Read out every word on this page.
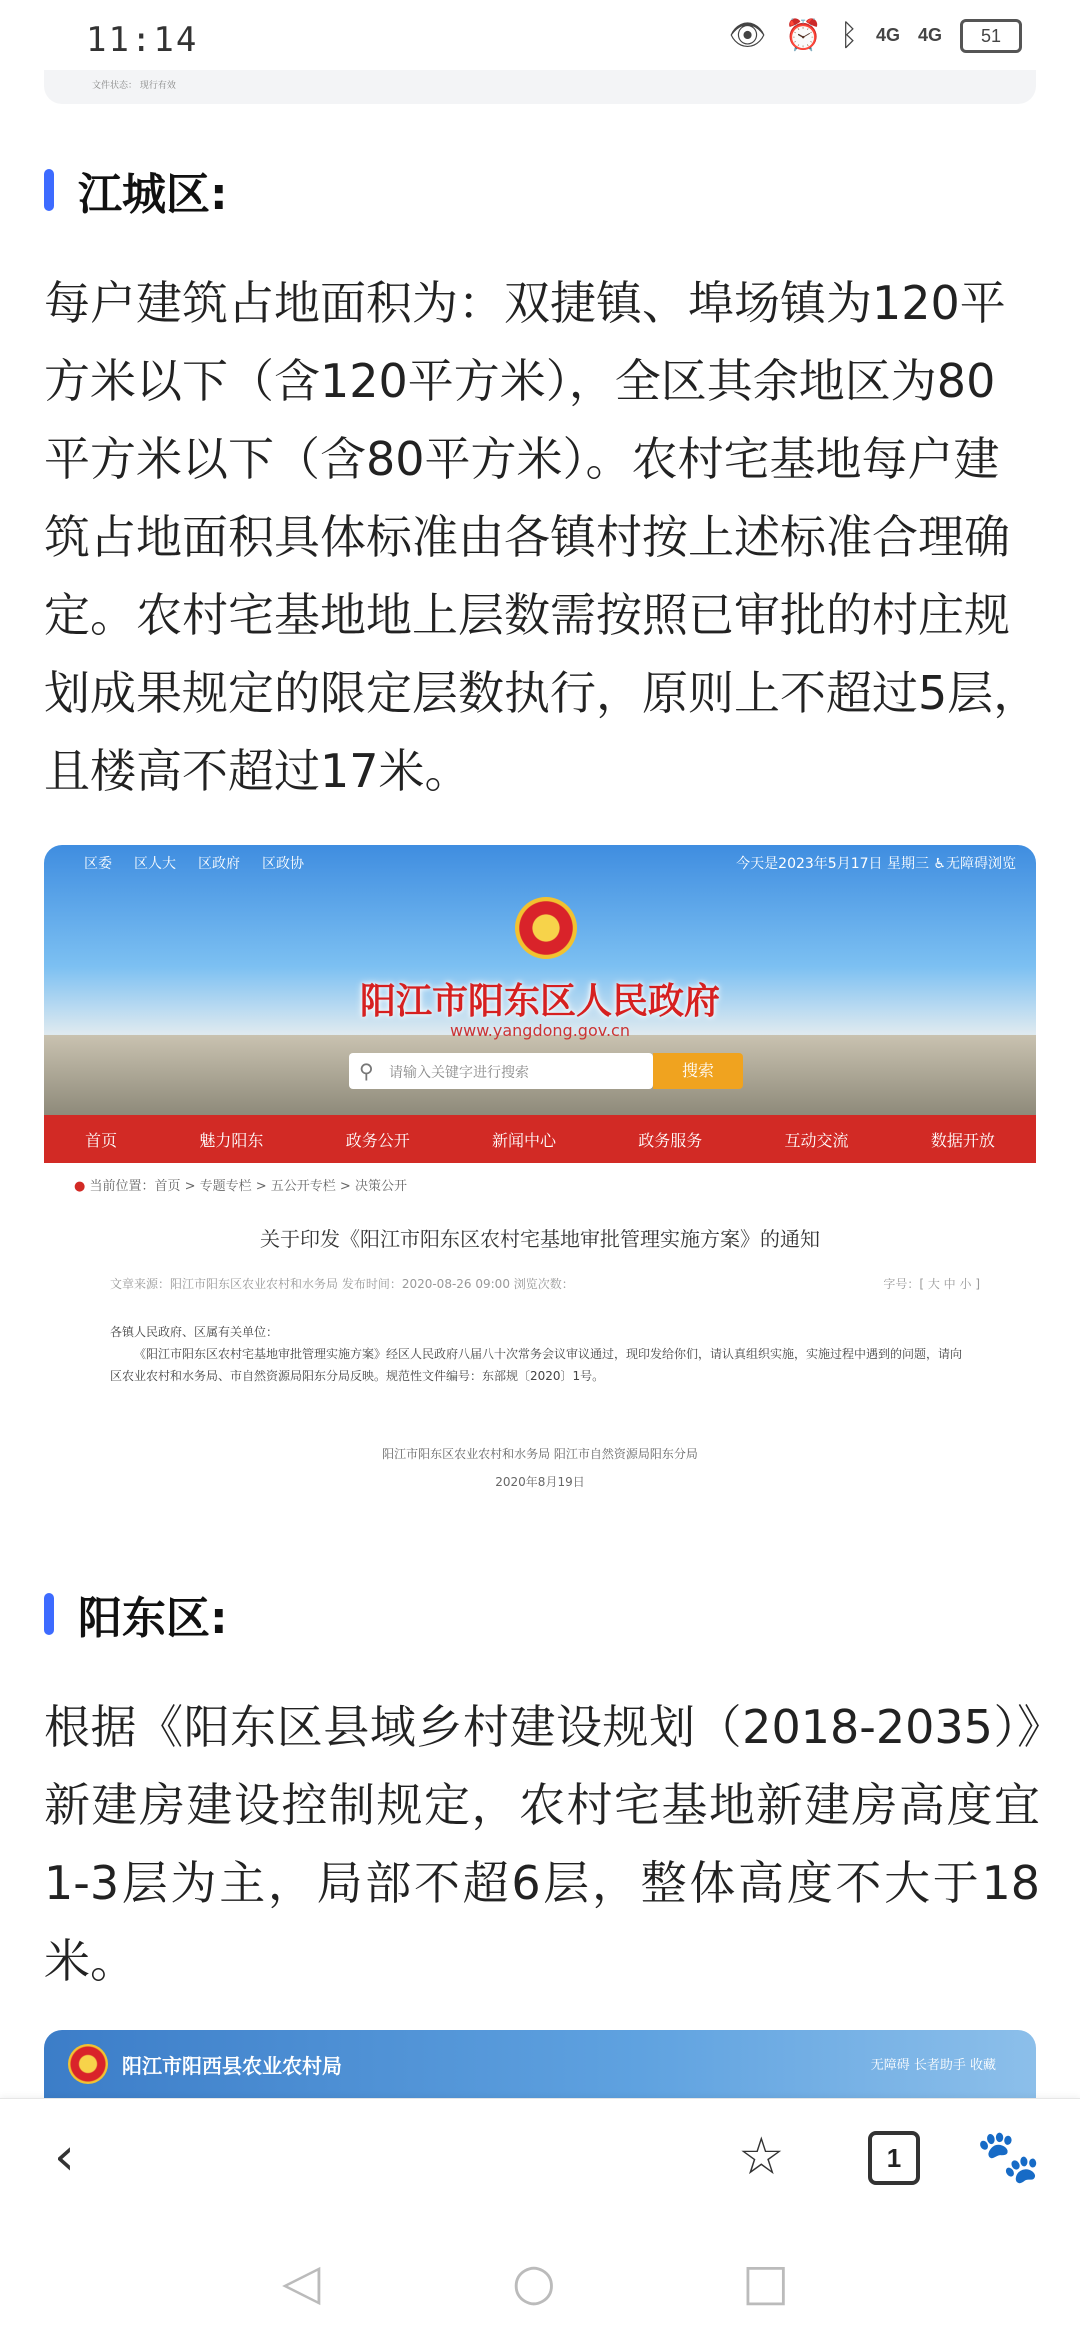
11:14	👁 ⏰ ᛒ 4G 4G	51
文件状态： 现行有效
江城区:

每户建筑占地面积为：双捷镇、埠场镇为120平方米以下（含120平方米），全区其余地区为80平方米以下（含80平方米）。农村宅基地每户建筑占地面积具体标准由各镇村按上述标准合理确定。农村宅基地地上层数需按照已审批的村庄规划成果规定的限定层数执行，原则上不超过5层，且楼高不超过17米。

区委 区人大 区政府 区政协	今天是2023年5月17日 星期三 ♿无障碍浏览
阳江市阳东区人民政府
www.yangdong.gov.cn
⚲ 请输入关键字进行搜索	搜索
首页	魅力阳东	政务公开	新闻中心	政务服务	互动交流	数据开放
● 当前位置：首页 > 专题专栏 > 五公开专栏 > 决策公开
关于印发《阳江市阳东区农村宅基地审批管理实施方案》的通知
文章来源：阳江市阳东区农业农村和水务局 发布时间：2020-08-26 09:00 浏览次数：	字号：[ 大 中 小 ]
各镇人民政府、区属有关单位：
《阳江市阳东区农村宅基地审批管理实施方案》经区人民政府八届八十次常务会议审议通过，现印发给你们，请认真组织实施，实施过程中遇到的问题，请向区农业农村和水务局、市自然资源局阳东分局反映。规范性文件编号：东部规〔2020〕1号。
阳江市阳东区农业农村和水务局 阳江市自然资源局阳东分局
2020年8月19日
阳东区:

根据《阳东区县域乡村建设规划（2018-2035）》新建房建设控制规定，农村宅基地新建房高度宜1-3层为主，局部不超6层，整体高度不大于18米。

阳江市阳西县农业农村局	无障碍 长者助手 收藏
‹	☆	1	🐾
◁	○	□
